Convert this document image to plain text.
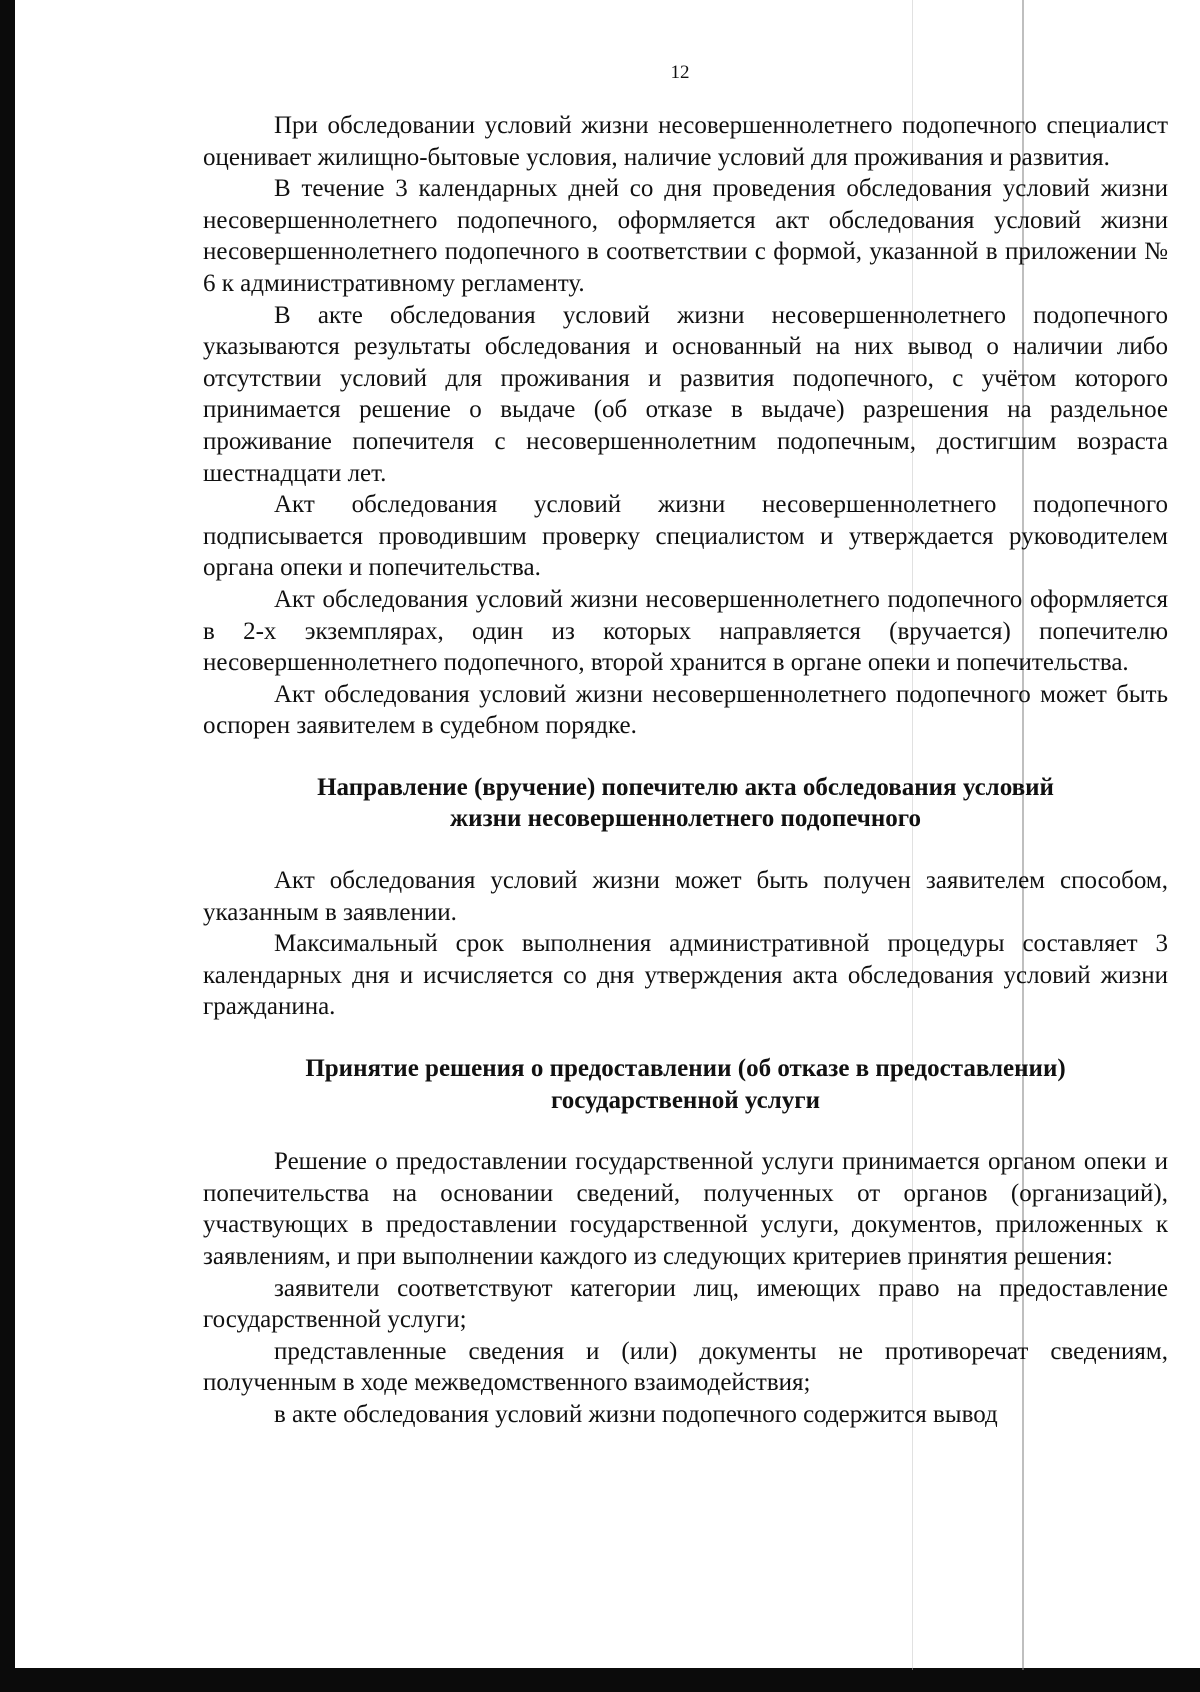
12

При обследовании условий жизни несовершеннолетнего подопечного специалист оценивает жилищно-бытовые условия, наличие условий для проживания и развития.

В течение 3 календарных дней со дня проведения обследования условий жизни несовершеннолетнего подопечного, оформляется акт обследования условий жизни несовершеннолетнего подопечного в соответствии с формой, указанной в приложении № 6 к административному регламенту.

В акте обследования условий жизни несовершеннолетнего подопечного указываются результаты обследования и основанный на них вывод о наличии либо отсутствии условий для проживания и развития подопечного, с учётом которого принимается решение о выдаче (об отказе в выдаче) разрешения на раздельное проживание попечителя с несовершеннолетним подопечным, достигшим возраста шестнадцати лет.

Акт обследования условий жизни несовершеннолетнего подопечного подписывается проводившим проверку специалистом и утверждается руководителем органа опеки и попечительства.

Акт обследования условий жизни несовершеннолетнего подопечного оформляется в 2-х экземплярах, один из которых направляется (вручается) попечителю несовершеннолетнего подопечного, второй хранится в органе опеки и попечительства.

Акт обследования условий жизни несовершеннолетнего подопечного может быть оспорен заявителем в судебном порядке.

Направление (вручение) попечителю акта обследования условий
жизни несовершеннолетнего подопечного

Акт обследования условий жизни может быть получен заявителем способом, указанным в заявлении.

Максимальный срок выполнения административной процедуры составляет 3 календарных дня и исчисляется со дня утверждения акта обследования условий жизни гражданина.

Принятие решения о предоставлении (об отказе в предоставлении)
государственной услуги

Решение о предоставлении государственной услуги принимается органом опеки и попечительства на основании сведений, полученных от органов (организаций), участвующих в предоставлении государственной услуги, документов, приложенных к заявлениям, и при выполнении каждого из следующих критериев принятия решения:

заявители соответствуют категории лиц, имеющих право на предоставление государственной услуги;

представленные сведения и (или) документы не противоречат сведениям, полученным в ходе межведомственного взаимодействия;

в акте обследования условий жизни подопечного содержится вывод
